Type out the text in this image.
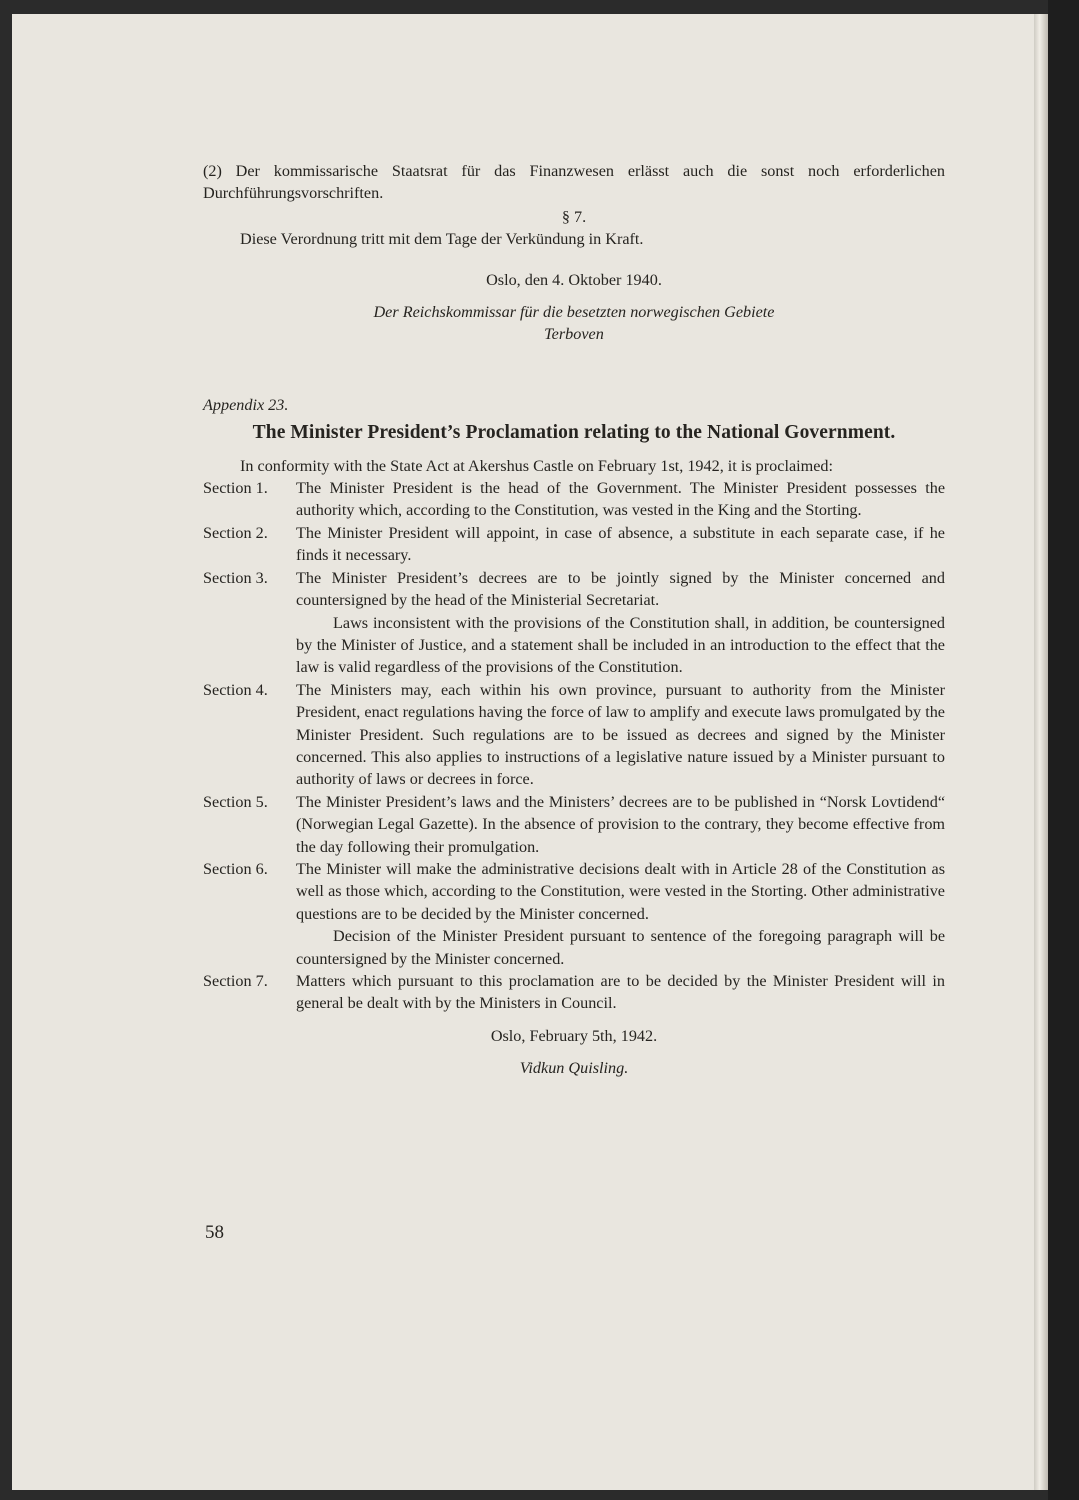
(2) Der kommissarische Staatsrat für das Finanzwesen erlässt auch die sonst noch erforderlichen Durchführungsvorschriften.
§ 7.
Diese Verordnung tritt mit dem Tage der Verkündung in Kraft.
Oslo, den 4. Oktober 1940.
Der Reichskommissar für die besetzten norwegischen Gebiete
Terboven
Appendix 23.
The Minister President’s Proclamation relating to the National Government.
In conformity with the State Act at Akershus Castle on February 1st, 1942, it is proclaimed:
Section 1.	The Minister President is the head of the Government. The Minister President possesses the authority which, according to the Constitution, was vested in the King and the Storting.
Section 2.	The Minister President will appoint, in case of absence, a substitute in each separate case, if he finds it necessary.
Section 3.	The Minister President’s decrees are to be jointly signed by the Minister concerned and countersigned by the head of the Ministerial Secretariat.
Laws inconsistent with the provisions of the Constitution shall, in addition, be countersigned by the Minister of Justice, and a statement shall be included in an introduction to the effect that the law is valid regardless of the provisions of the Constitution.
Section 4.	The Ministers may, each within his own province, pursuant to authority from the Minister President, enact regulations having the force of law to amplify and execute laws promulgated by the Minister President. Such regulations are to be issued as decrees and signed by the Minister concerned. This also applies to instructions of a legislative nature issued by a Minister pursuant to authority of laws or decrees in force.
Section 5.	The Minister President’s laws and the Ministers’ decrees are to be published in “Norsk Lovtidend“ (Norwegian Legal Gazette). In the absence of provision to the contrary, they become effective from the day following their promulgation.
Section 6.	The Minister will make the administrative decisions dealt with in Article 28 of the Constitution as well as those which, according to the Constitution, were vested in the Storting. Other administrative questions are to be decided by the Minister concerned.
Decision of the Minister President pursuant to sentence of the foregoing paragraph will be countersigned by the Minister concerned.
Section 7.	Matters which pursuant to this proclamation are to be decided by the Minister President will in general be dealt with by the Ministers in Council.
Oslo, February 5th, 1942.
Vidkun Quisling.
58
